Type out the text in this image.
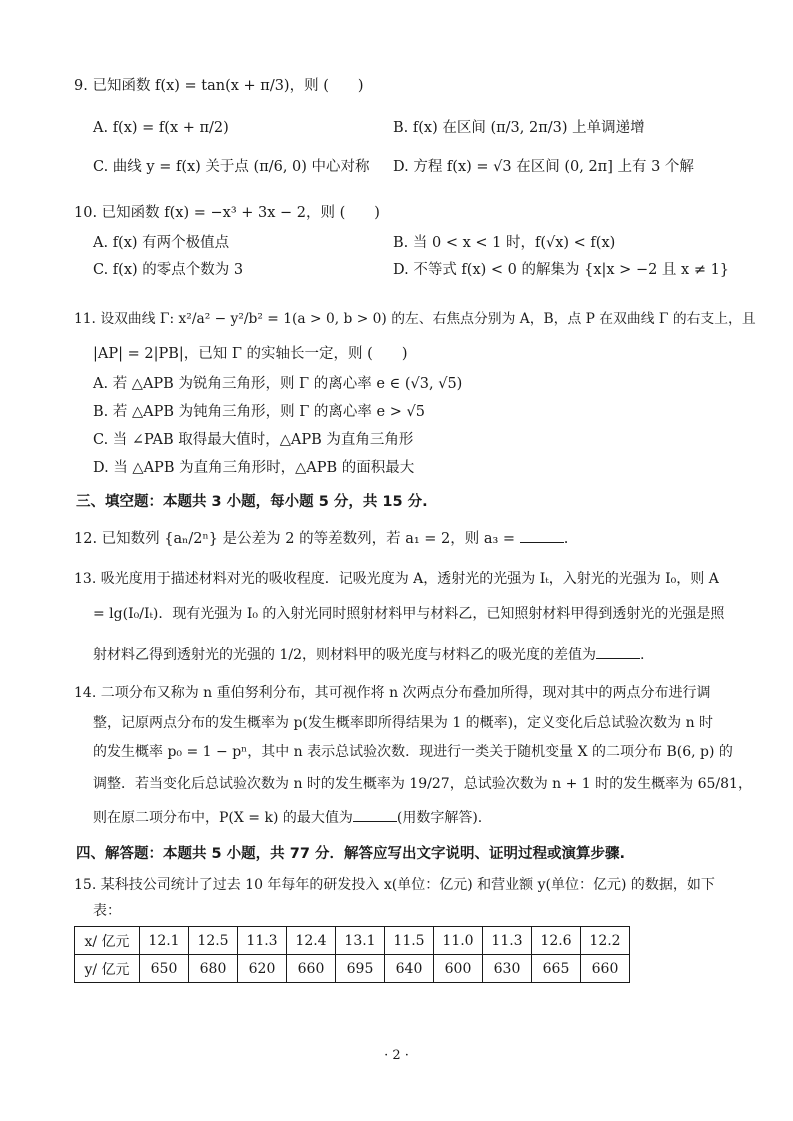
9. 已知函数 f(x) = tan(x + π/3)，则 (　　)
A. f(x) = f(x + π/2)	B. f(x) 在区间 (π/3, 2π/3) 上单调递增
C. 曲线 y = f(x) 关于点 (π/6, 0) 中心对称 D. 方程 f(x) = √3 在区间 (0, 2π] 上有 3 个解
10. 已知函数 f(x) = −x³ + 3x − 2，则 (　　)
A. f(x) 有两个极值点	B. 当 0 < x < 1 时，f(√x) < f(x)
C. f(x) 的零点个数为 3	D. 不等式 f(x) < 0 的解集为 {x|x > −2 且 x ≠ 1}
11. 设双曲线 Γ: x²/a² − y²/b² = 1(a > 0, b > 0) 的左、右焦点分别为 A，B，点 P 在双曲线 Γ 的右支上，且
|AP| = 2|PB|，已知 Γ 的实轴长一定，则 (　　)
A. 若 △APB 为锐角三角形，则 Γ 的离心率 e ∈ (√3, √5)
B. 若 △APB 为钝角三角形，则 Γ 的离心率 e > √5
C. 当 ∠PAB 取得最大值时，△APB 为直角三角形
D. 当 △APB 为直角三角形时，△APB 的面积最大
三、填空题：本题共 3 小题，每小题 5 分，共 15 分.
12. 已知数列 {aₙ/2ⁿ} 是公差为 2 的等差数列，若 a₁ = 2，则 a₃ =	.
13. 吸光度用于描述材料对光的吸收程度．记吸光度为 A，透射光的光强为 Iₜ，入射光的光强为 I₀，则 A
= lg(I₀/Iₜ)．现有光强为 I₀ 的入射光同时照射材料甲与材料乙，已知照射材料甲得到透射光的光强是照
射材料乙得到透射光的光强的 1/2，则材料甲的吸光度与材料乙的吸光度的差值为	.
14. 二项分布又称为 n 重伯努利分布，其可视作将 n 次两点分布叠加所得，现对其中的两点分布进行调
整，记原两点分布的发生概率为 p(发生概率即所得结果为 1 的概率)，定义变化后总试验次数为 n 时
的发生概率 p₀ = 1 − pⁿ，其中 n 表示总试验次数．现进行一类关于随机变量 X 的二项分布 B(6, p) 的
调整．若当变化后总试验次数为 n 时的发生概率为 19/27，总试验次数为 n + 1 时的发生概率为 65/81，
则在原二项分布中，P(X = k) 的最大值为	(用数字解答).
四、解答题：本题共 5 小题，共 77 分．解答应写出文字说明、证明过程或演算步骤.
15. 某科技公司统计了过去 10 年每年的研发投入 x(单位：亿元) 和营业额 y(单位：亿元) 的数据，如下
表：
x/ 亿元	12.1	12.5	11.3	12.4	13.1	11.5	11.0	11.3	12.6	12.2
y/ 亿元	650	680	620	660	695	640	600	630	665	660
· 2 ·
